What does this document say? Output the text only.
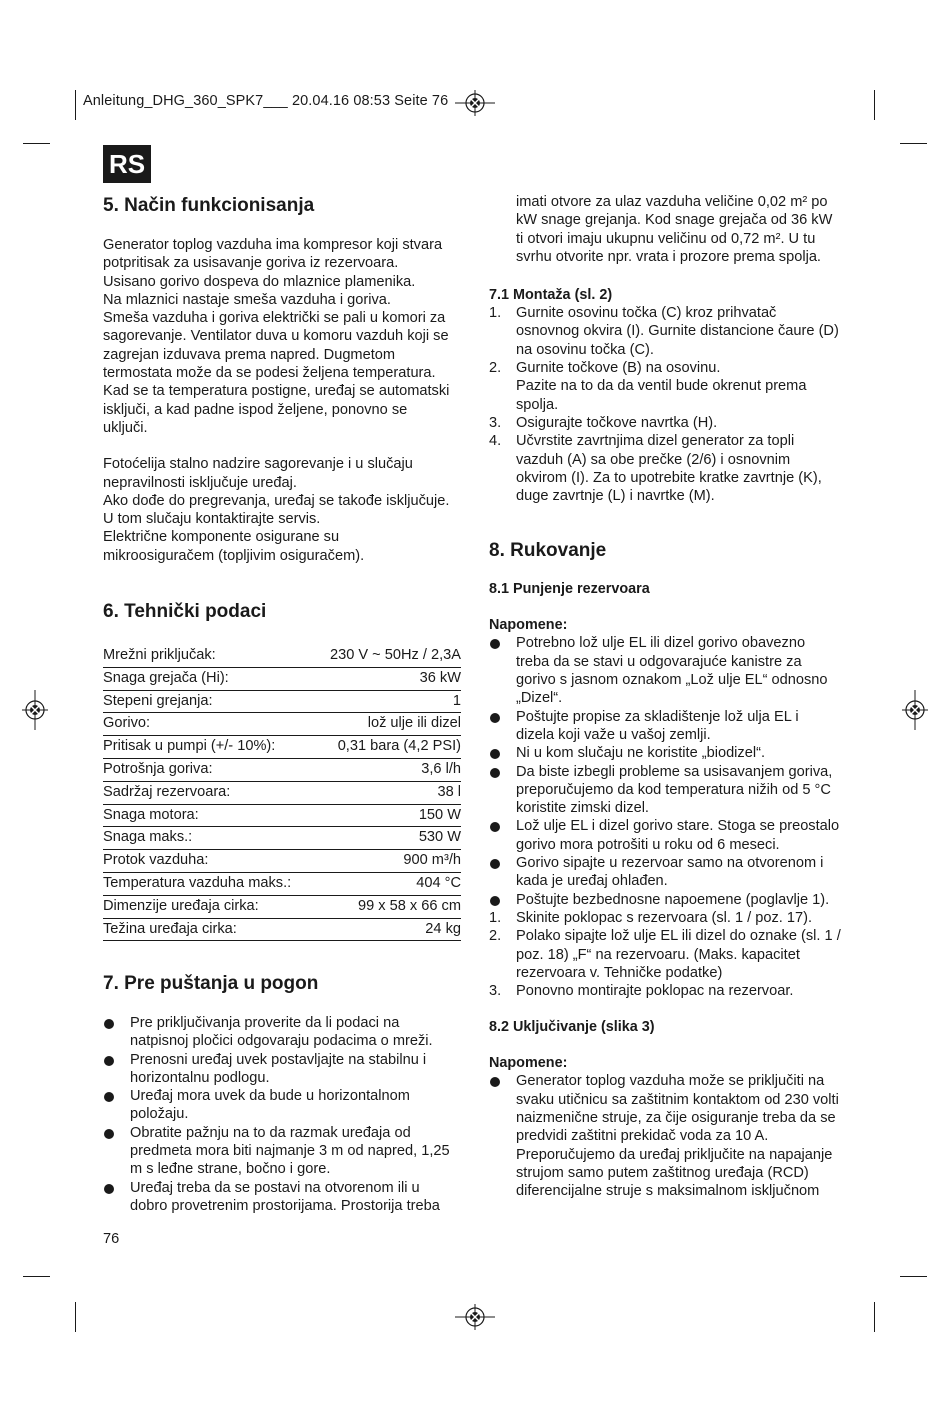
Anleitung_DHG_360_SPK7___ 20.04.16 08:53 Seite 76
RS
5. Način funkcionisanja
Generator toplog vazduha ima kompresor koji stvara
potpritisak za usisavanje goriva iz rezervoara.
Usisano gorivo dospeva do mlaznice plamenika.
Na mlaznici nastaje smeša vazduha i goriva.
Smeša vazduha i goriva električki se pali u komori za
sagorevanje. Ventilator duva u komoru vazduh koji se
zagrejan izduvava prema napred. Dugmetom
termostata može da se podesi željena temperatura.
Kad se ta temperatura postigne, uređaj se automatski
isključi, a kad padne ispod željene, ponovno se
uključi.
Fotoćelija stalno nadzire sagorevanje i u slučaju
nepravilnosti isključuje uređaj.
Ako dođe do pregrevanja, uređaj se takođe isključuje.
U tom slučaju kontaktirajte servis.
Električne komponente osigurane su
mikroosiguračem (topljivim osiguračem).
6. Tehnički podaci
Mrežni priključak:	230 V ~ 50Hz / 2,3A
Snaga grejača (Hi):	36 kW
Stepeni grejanja:	1
Gorivo:	lož ulje ili dizel
Pritisak u pumpi (+/- 10%):	0,31 bara (4,2 PSI)
Potrošnja goriva:	3,6 l/h
Sadržaj rezervoara:	38 l
Snaga motora:	150 W
Snaga maks.:	530 W
Protok vazduha:	900 m³/h
Temperatura vazduha maks.:	404 °C
Dimenzije uređaja cirka:	99 x 58 x 66 cm
Težina uređaja cirka:	24 kg
7. Pre puštanja u pogon
Pre priključivanja proverite da li podaci na
natpisnoj pločici odgovaraju podacima o mreži.
Prenosni uređaj uvek postavljajte na stabilnu i
horizontalnu podlogu.
Uređaj mora uvek da bude u horizontalnom
položaju.
Obratite pažnju na to da razmak uređaja od
predmeta mora biti najmanje 3 m od napred, 1,25
m s leđne strane, bočno i gore.
Uređaj treba da se postavi na otvorenom ili u
dobro provetrenim prostorijama. Prostorija treba
76
imati otvore za ulaz vazduha veličine 0,02 m² po
kW snage grejanja. Kod snage grejača od 36 kW
ti otvori imaju ukupnu veličinu od 0,72 m². U tu
svrhu otvorite npr. vrata i prozore prema spolja.
7.1 Montaža (sl. 2)
1. Gurnite osovinu točka (C) kroz prihvatač
osnovnog okvira (I). Gurnite distancione čaure (D)
na osovinu točka (C).
2. Gurnite točkove (B) na osovinu.
Pazite na to da da ventil bude okrenut prema
spolja.
3. Osigurajte točkove navrtka (H).
4. Učvrstite zavrtnjima dizel generator za topli
vazduh (A) sa obe prečke (2/6) i osnovnim
okvirom (I). Za to upotrebite kratke zavrtnje (K),
duge zavrtnje (L) i navrtke (M).
8. Rukovanje
8.1 Punjenje rezervoara
Napomene:
Potrebno lož ulje EL ili dizel gorivo obavezno
treba da se stavi u odgovarajuće kanistre za
gorivo s jasnom oznakom „Lož ulje EL“ odnosno
„Dizel“.
Poštujte propise za skladištenje lož ulja EL i
dizela koji važe u vašoj zemlji.
Ni u kom slučaju ne koristite „biodizel“.
Da biste izbegli probleme sa usisavanjem goriva,
preporučujemo da kod temperatura nižih od 5 °C
koristite zimski dizel.
Lož ulje EL i dizel gorivo stare. Stoga se preostalo
gorivo mora potrošiti u roku od 6 meseci.
Gorivo sipajte u rezervoar samo na otvorenom i
kada je uređaj ohlađen.
Poštujte bezbednosne napoemene (poglavlje 1).
1. Skinite poklopac s rezervoara (sl. 1 / poz. 17).
2. Polako sipajte lož ulje EL ili dizel do oznake (sl. 1 /
poz. 18) „F“ na rezervoaru. (Maks. kapacitet
rezervoara v. Tehničke podatke)
3. Ponovno montirajte poklopac na rezervoar.
8.2 Uključivanje (slika 3)
Napomene:
Generator toplog vazduha može se priključiti na
svaku utičnicu sa zaštitnim kontaktom od 230 volti
naizmenične struje, za čije osiguranje treba da se
predvidi zaštitni prekidač voda za 10 A.
Preporučujemo da uređaj priključite na napajanje
strujom samo putem zaštitnog uređaja (RCD)
diferencijalne struje s maksimalnom isključnom
